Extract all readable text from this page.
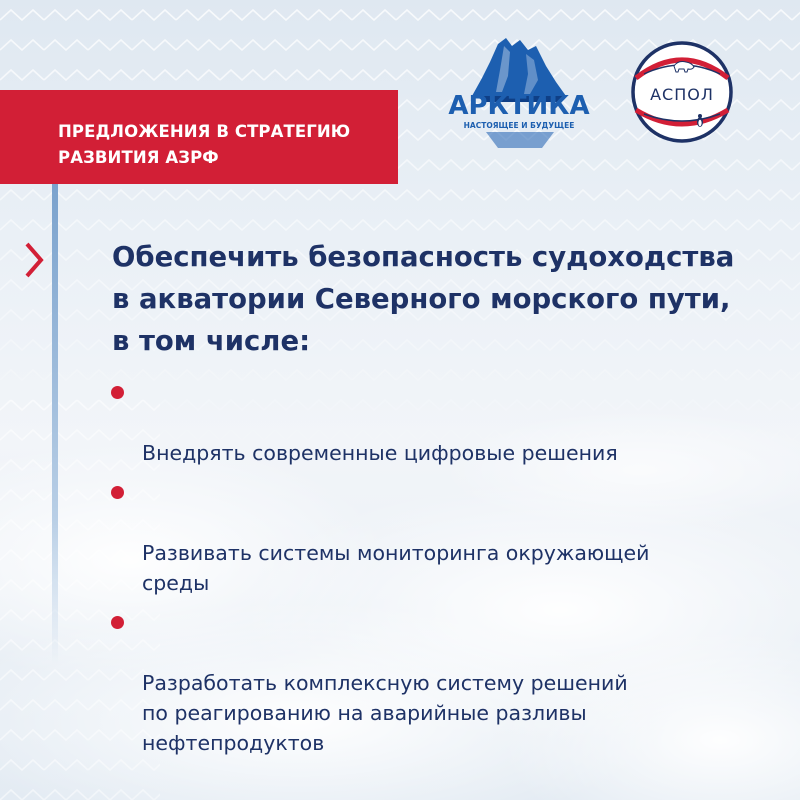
ПРЕДЛОЖЕНИЯ В СТРАТЕГИЮ
РАЗВИТИЯ АЗРФ
АРКТИКА
НАСТОЯЩЕЕ И БУДУЩЕЕ
АСПОЛ
Обеспечить безопасность судоходства
в акватории Северного морского пути,
в том числе:

Внедрять современные цифровые решения

Развивать системы мониторинга окружающей
среды

Разработать комплексную систему решений
по реагированию на аварийные разливы
нефтепродуктов
